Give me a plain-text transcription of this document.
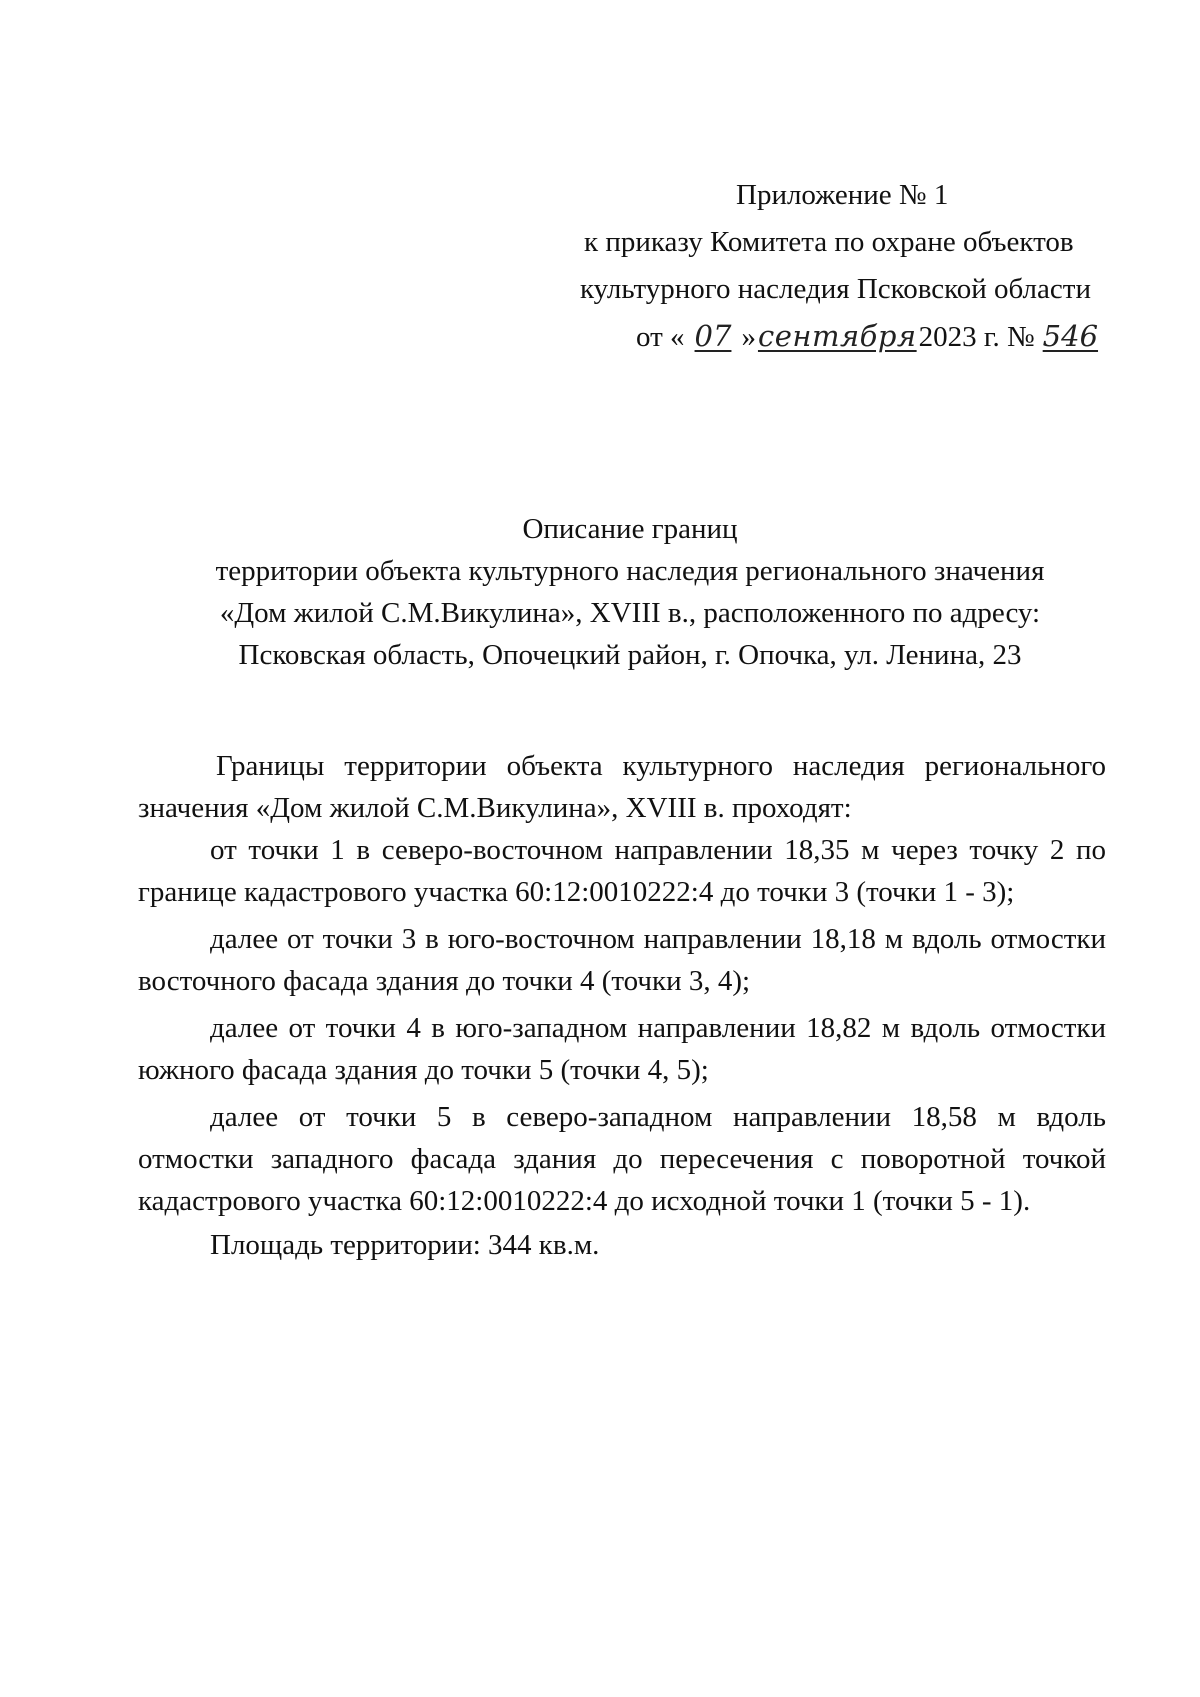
Приложение № 1
к приказу Комитета по охране объектов
культурного наследия Псковской области
от « 07 »сентября2023 г. № 546
Описание границ
территории объекта культурного наследия регионального значения
«Дом жилой С.М.Викулина», XVIII в., расположенного по адресу:
Псковская область, Опочецкий район, г. Опочка, ул. Ленина, 23

Границы территории объекта культурного наследия регионального значения «Дом жилой С.М.Викулина», XVIII в. проходят:

от точки 1 в северо-восточном направлении 18,35 м через точку 2 по границе кадастрового участка 60:12:0010222:4 до точки 3 (точки 1 - 3);

далее от точки 3 в юго-восточном направлении 18,18 м вдоль отмостки восточного фасада здания до точки 4 (точки 3, 4);

далее от точки 4 в юго-западном направлении 18,82 м вдоль отмостки южного фасада здания до точки 5 (точки 4, 5);

далее от точки 5 в северо-западном направлении 18,58 м вдоль отмостки западного фасада здания до пересечения с поворотной точкой кадастрового участка 60:12:0010222:4 до исходной точки 1 (точки 5 - 1).

Площадь территории: 344 кв.м.
